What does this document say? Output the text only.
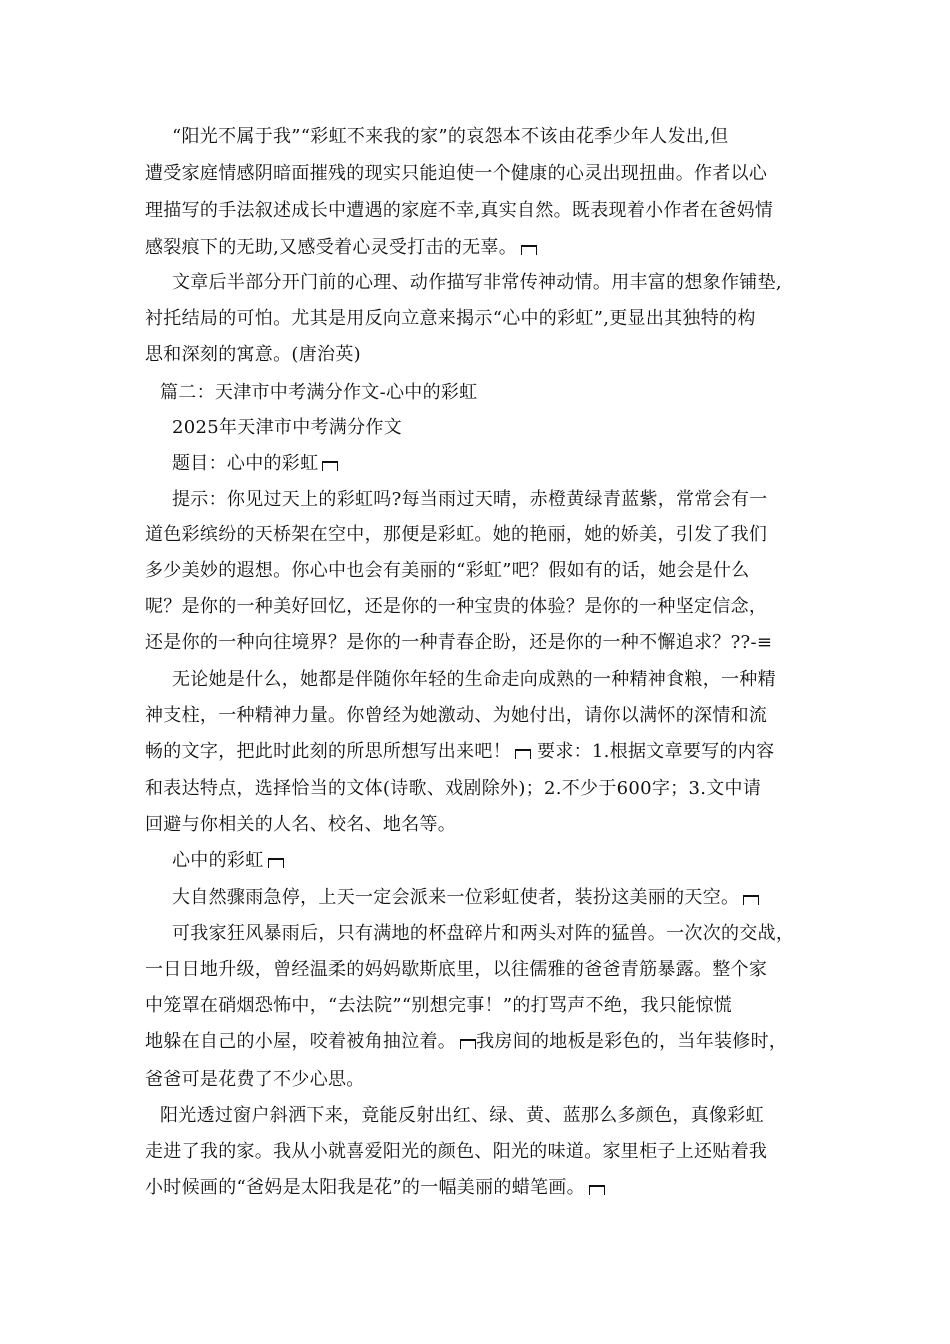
“阳光不属于我”“彩虹不来我的家”的哀怨本不该由花季少年人发出,但
遭受家庭情感阴暗面摧残的现实只能迫使一个健康的心灵出现扭曲。作者以心
理描写的手法叙述成长中遭遇的家庭不幸,真实自然。既表现着小作者在爸妈情
感裂痕下的无助,又感受着心灵受打击的无辜。
文章后半部分开门前的心理、动作描写非常传神动情。用丰富的想象作铺垫,
衬托结局的可怕。尤其是用反向立意来揭示“心中的彩虹”,更显出其独特的构
思和深刻的寓意。(唐治英)
篇二：天津市中考满分作文-心中的彩虹
2025年天津市中考满分作文
题目：心中的彩虹
提示：你见过天上的彩虹吗?每当雨过天晴，赤橙黄绿青蓝紫，常常会有一
道色彩缤纷的天桥架在空中，那便是彩虹。她的艳丽，她的娇美，引发了我们
多少美妙的遐想。你心中也会有美丽的“彩虹”吧？假如有的话，她会是什么
呢？是你的一种美好回忆，还是你的一种宝贵的体验？是你的一种坚定信念，
还是你的一种向往境界？是你的一种青春企盼，还是你的一种不懈追求？??-≡
无论她是什么，她都是伴随你年轻的生命走向成熟的一种精神食粮，一种精
神支柱，一种精神力量。你曾经为她激动、为她付出，请你以满怀的深情和流
畅的文字，把此时此刻的所思所想写出来吧！ 要求：1.根据文章要写的内容
和表达特点，选择恰当的文体(诗歌、戏剧除外)；2.不少于600字；3.文中请
回避与你相关的人名、校名、地名等。
心中的彩虹
大自然骤雨急停，上天一定会派来一位彩虹使者，装扮这美丽的天空。
可我家狂风暴雨后，只有满地的杯盘碎片和两头对阵的猛兽。一次次的交战，
一日日地升级，曾经温柔的妈妈歇斯底里，以往儒雅的爸爸青筋暴露。整个家
中笼罩在硝烟恐怖中，“去法院”“别想完事！”的打骂声不绝，我只能惊慌
地躲在自己的小屋，咬着被角抽泣着。 我房间的地板是彩色的，当年装修时，
爸爸可是花费了不少心思。
阳光透过窗户斜洒下来，竟能反射出红、绿、黄、蓝那么多颜色，真像彩虹
走进了我的家。我从小就喜爱阳光的颜色、阳光的味道。家里柜子上还贴着我
小时候画的“爸妈是太阳我是花”的一幅美丽的蜡笔画。
